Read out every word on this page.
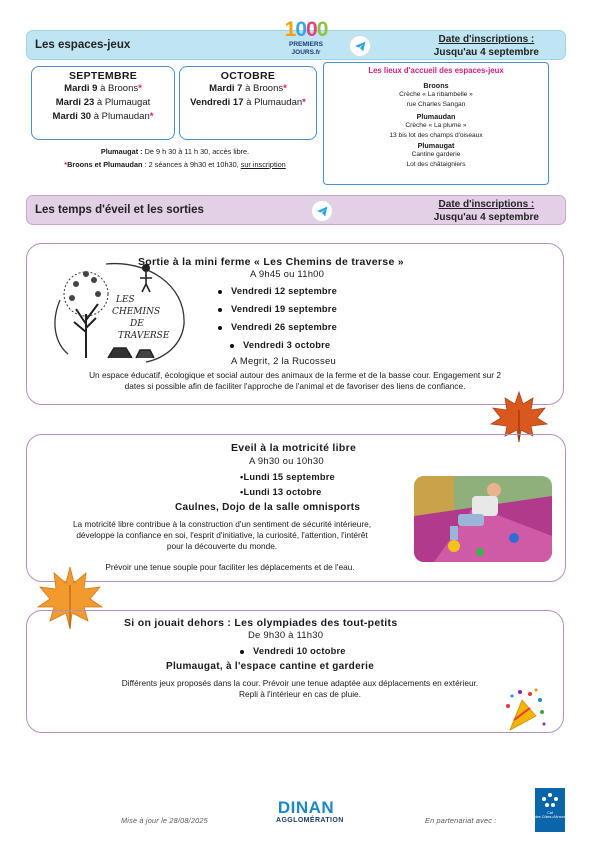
Les espaces-jeux	Date d'inscriptions :
Jusqu'au 4 septembre
1000
PREMIERS
JOURS.fr
SEPTEMBRE
Mardi 9 à Broons*
Mardi 23 à Plumaugat
Mardi 30 à Plumaudan*
OCTOBRE
Mardi 7 à Broons*
Vendredi 17 à Plumaudan*
Plumaugat : De 9 h 30 à 11 h 30, accès libre.
*Broons et Plumaudan : 2 séances à 9h30 et 10h30, sur inscription
Les lieux d'accueil des espaces-jeux
Broons
Crèche « La ribambelle »
rue Charles Sangan
Plumaudan
Crèche « La plume »
13 bis lot des champs d'oiseaux
Plumaugat
Cantine garderie
Lot des châtaigniers
Les temps d'éveil et les sorties	Date d'inscriptions :
Jusqu'au 4 septembre
LES
CHEMINS
DE
TRAVERSE
Sortie à la mini ferme « Les Chemins de traverse »
A 9h45 ou 11h00
Vendredi 12 septembre
Vendredi 19 septembre
Vendredi 26 septembre
Vendredi 3 octobre
A Megrit, 2 la Rucosseu
Un espace éducatif, écologique et social autour des animaux de la ferme et de la basse cour. Engagement sur 2
dates si possible afin de faciliter l'approche de l'animal et de favoriser des liens de confiance.
Eveil à la motricité libre
A 9h30 ou 10h30
•Lundi 15 septembre
•Lundi 13 octobre
Caulnes, Dojo de la salle omnisports
La motricité libre contribue à la construction d'un sentiment de sécurité intérieure,
développe la confiance en soi, l'esprit d'initiative, la curiosité, l'attention, l'intérêt
pour la découverte du monde.
Prévoir une tenue souple pour faciliter les déplacements et de l'eau.
Si on jouait dehors : Les olympiades des tout-petits
De 9h30 à 11h30
Vendredi 10 octobre
Plumaugat, à l'espace cantine et garderie
Différents jeux proposés dans la cour. Prévoir une tenue adaptée aux déplacements en extérieur.
Repli à l'intérieur en cas de pluie.
Mise à jour le 28/08/2025
DINAN
AGGLOMÉRATION	En partenariat avec :
Caf
des Côtes-d'Armor
